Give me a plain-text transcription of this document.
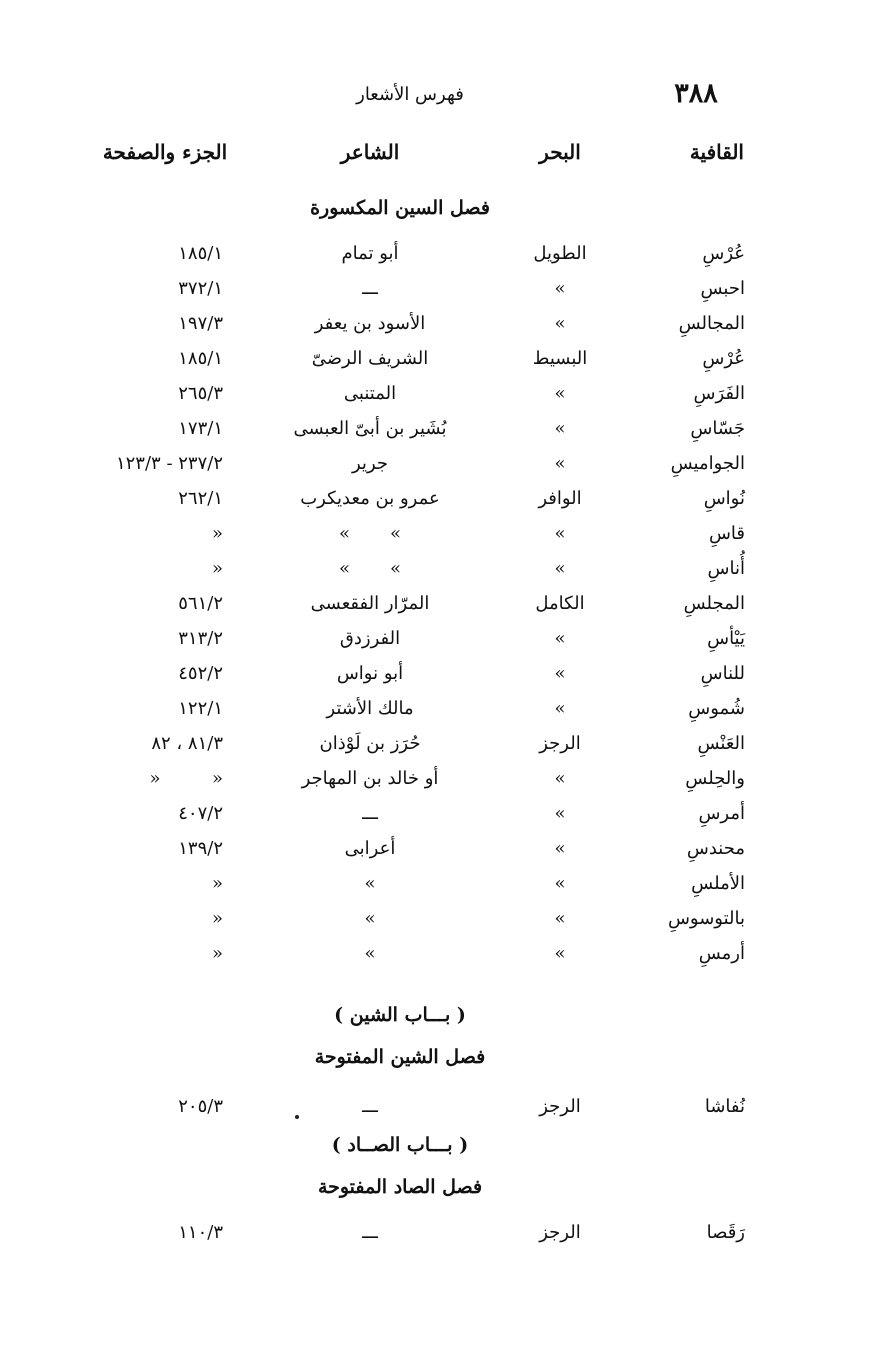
فهرس الأشعار	٣٨٨
القافية
البحر
الشاعر
الجزء والصفحة
فصل السين المكسورة
عُرْسِ
الطويل
أبو تمام
١٨٥/١
احبسِ
»
ـــ
٣٧٢/١
المجالسِ
»
الأسود بن يعفر
١٩٧/٣
عُرْسِ
البسيط
الشريف الرضىّ
١٨٥/١
الفَرَسِ
»
المتنبى
٢٦٥/٣
جَسّاسِ
»
بُشَير بن أبىّ العبسى
١٧٣/١
الجواميسِ
»
جرير
٢٣٧/٢ - ١٢٣/٣
نُواسِ
الوافر
عمرو بن معديكرب
٢٦٢/١
قاسِ
»
»       »
»
أُناسِ
»
»       »
»
المجلسِ
الكامل
المرّار الفقعسى
٥٦١/٢
يَيْأسِ
»
الفرزدق
٣١٣/٢
للناسِ
»
أبو نواس
٤٥٢/٢
شُموسِ
»
مالك الأشتر
١٢٢/١
العَنْسِ
الرجز
حُرَز بن لَوْذان
٨١/٣ ، ٨٢
والحِلسِ
»
أو خالد بن المهاجر
»         »
أمرسِ
»
ـــ
٤٠٧/٢
محندسِ
»
أعرابى
١٣٩/٢
الأملسِ
»
»
»
بالتوسوسِ
»
»
»
أرمسِ
»
»
»
( بـــاب الشين )
فصل الشين المفتوحة
نُفاشا
الرجز
ـــ
٢٠٥/٣
( بـــاب الصــاد )
فصل الصاد المفتوحة
رَقَصا
الرجز
ـــ
١١٠/٣
